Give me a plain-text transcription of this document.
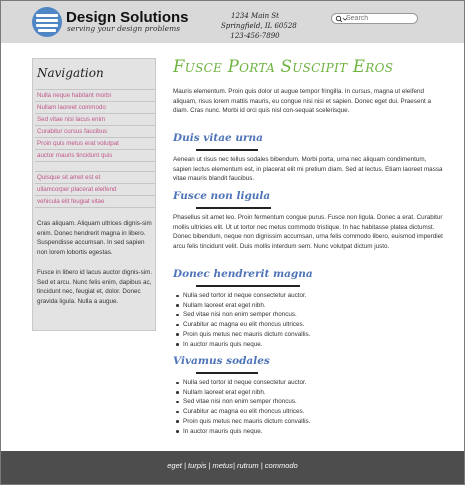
Design Solutions
serving your design problems
1234 Main St
Springfield, IL 60528
123-456-7890
Search
Navigation
Nulla neque habitant morbi
Nullam laoreet commodo
Sed vitae nisi lacus enim
Curabitur cursus faucibus
Proin quis metus erat volutpat
auctor mauris tincidunt quis
Quisque sit amet est et
ullamcorper placerat eleifend
vehicula elit feugiat vitae
Cras aliquam. Aliquam ultrices dignis-sim enim. Donec hendrerit magna in libero. Suspendisse accumsan. In sed sapien non lorem lobortis egestas.
Fusce in libero id lacus auctor dignis-sim. Sed et arcu. Nunc felis enim, dapibus ac, tincidunt nec, feugiat et, dolor. Donec gravida ligula. Nulla a augue.
Fusce Porta Suscipit Eros
Mauris elementum. Proin quis dolor ut augue tempor fringilla. In cursus, magna ut eleifend aliquam, risus lorem mattis mauris, eu congue nisi nisi et sapien. Donec eget dui. Praesent a diam. Cras nunc. Morbi id orci quis nisl con-sequat scelerisque.
Duis vitae urna
Aenean ut risus nec tellus sodales bibendum. Morbi porta, urna nec aliquam condimentum, sapien lectus elementum est, in placerat elit mi pretium diam. Sed at lectus. Etiam laoreet massa vitae mauris blandit faucibus.
Fusce non ligula
Phasellus sit amet leo. Proin fermentum congue purus. Fusce non ligula. Donec a erat. Curabitur mollis ultricies elit. Ut ut tortor nec metus commodo tristique. In hac habitasse platea dictumst. Donec bibendum, neque non dignissim accumsan, urna felis commodo libero, euismod imperdiet arcu felis tincidunt velit. Duis mollis interdum sem. Nunc volutpat dictum justo.
Donec hendrerit magna
Nulla sed tortor id neque consectetur auctor.
Nullam laoreet erat eget nibh.
Sed vitae nisi non enim semper rhoncus.
Curabitur ac magna eu elit rhoncus ultrices.
Proin quis metus nec mauris dictum convallis.
In auctor mauris quis neque.
Vivamus sodales
Nulla sed tortor id neque consectetur auctor.
Nullam laoreet erat eget nibh.
Sed vitae nisi non enim semper rhoncus.
Curabitur ac magna eu elit rhoncus ultrices.
Proin quis metus nec mauris dictum convallis.
In auctor mauris quis neque.
eget | turpis | metus| rutrum | commodo
